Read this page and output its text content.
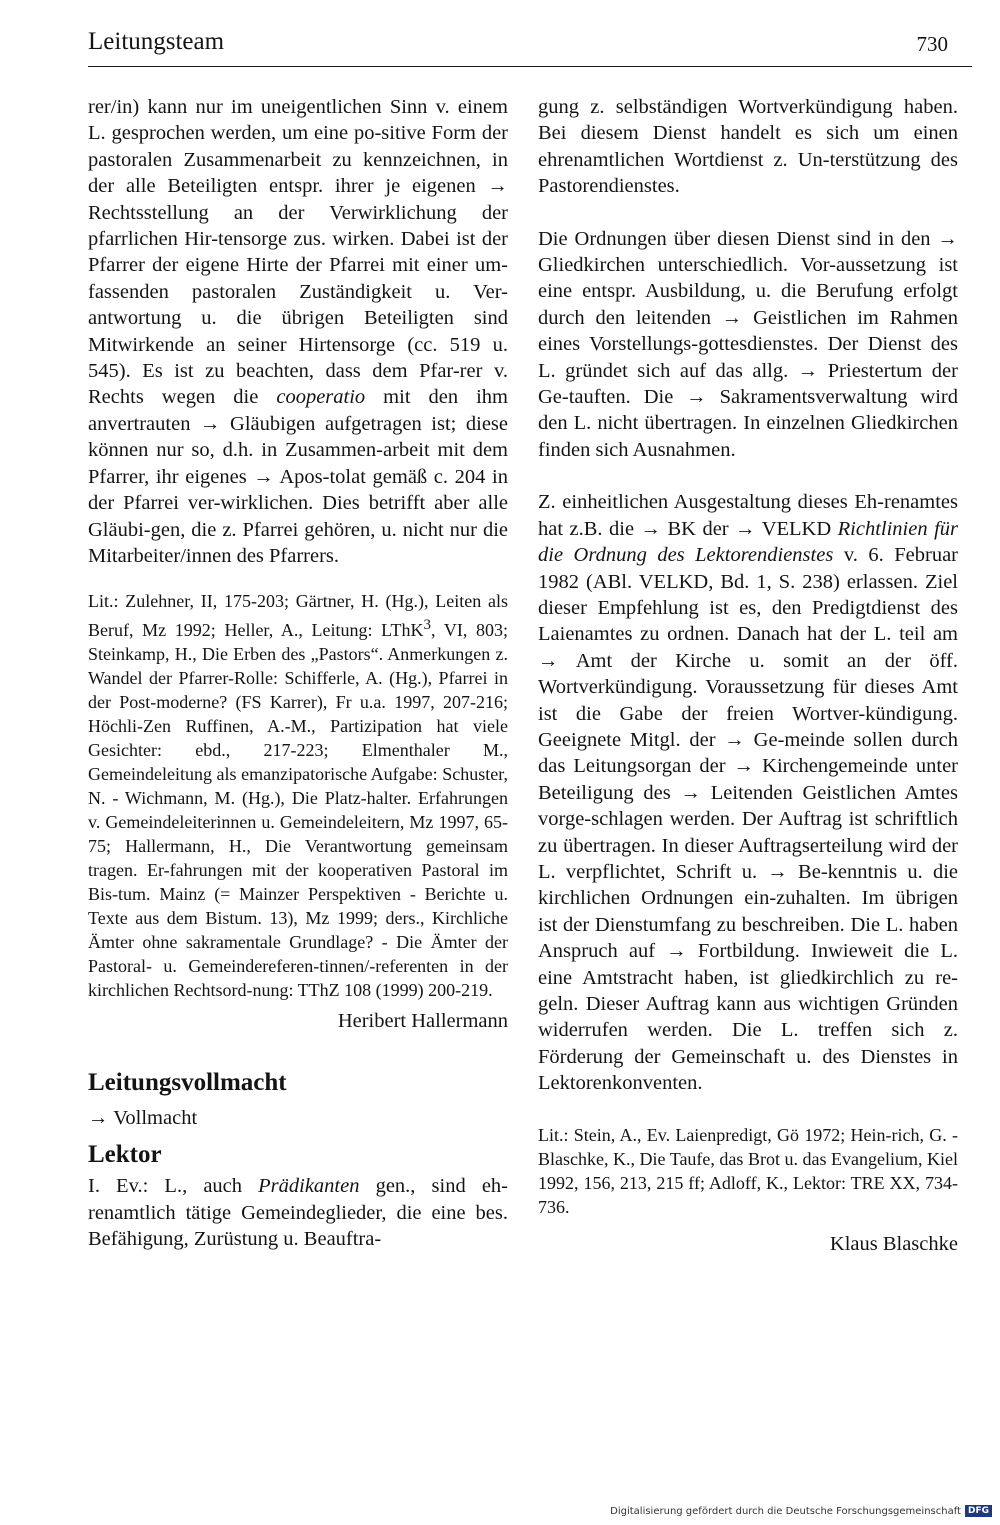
Leitungsteam	730

rer/in) kann nur im uneigentlichen Sinn v. einem L. gesprochen werden, um eine po-sitive Form der pastoralen Zusammenarbeit zu kennzeichnen, in der alle Beteiligten entspr. ihrer je eigenen → Rechtsstellung an der Verwirklichung der pfarrlichen Hir-tensorge zus. wirken. Dabei ist der Pfarrer der eigene Hirte der Pfarrei mit einer um-fassenden pastoralen Zuständigkeit u. Ver-antwortung u. die übrigen Beteiligten sind Mitwirkende an seiner Hirtensorge (cc. 519 u. 545). Es ist zu beachten, dass dem Pfar-rer v. Rechts wegen die cooperatio mit den ihm anvertrauten → Gläubigen aufgetragen ist; diese können nur so, d.h. in Zusammen-arbeit mit dem Pfarrer, ihr eigenes → Apos-tolat gemäß c. 204 in der Pfarrei ver-wirklichen. Dies betrifft aber alle Gläubi-gen, die z. Pfarrei gehören, u. nicht nur die Mitarbeiter/innen des Pfarrers.

Lit.: Zulehner, II, 175-203; Gärtner, H. (Hg.), Leiten als Beruf, Mz 1992; Heller, A., Leitung: LThK$^3$, VI, 803; Steinkamp, H., Die Erben des „Pastors“. Anmerkungen z. Wandel der Pfarrer-Rolle: Schifferle, A. (Hg.), Pfarrei in der Post-moderne? (FS Karrer), Fr u.a. 1997, 207-216; Höchli-Zen Ruffinen, A.-M., Partizipation hat viele Gesichter: ebd., 217-223; Elmenthaler M., Gemeindeleitung als emanzipatorische Aufgabe: Schuster, N. - Wichmann, M. (Hg.), Die Platz-halter. Erfahrungen v. Gemeindeleiterinnen u. Gemeindeleitern, Mz 1997, 65-75; Hallermann, H., Die Verantwortung gemeinsam tragen. Er-fahrungen mit der kooperativen Pastoral im Bis-tum. Mainz (= Mainzer Perspektiven - Berichte u. Texte aus dem Bistum. 13), Mz 1999; ders., Kirchliche Ämter ohne sakramentale Grundlage? - Die Ämter der Pastoral- u. Gemeindereferen-tinnen/-referenten in der kirchlichen Rechtsord-nung: TThZ 108 (1999) 200-219.

Heribert Hallermann

Leitungsvollmacht

→ Vollmacht

Lektor

I. Ev.: L., auch Prädikanten gen., sind eh-renamtlich tätige Gemeindeglieder, die eine bes. Befähigung, Zurüstung u. Beauftra-

gung z. selbständigen Wortverkündigung haben. Bei diesem Dienst handelt es sich um einen ehrenamtlichen Wortdienst z. Un-terstützung des Pastorendienstes.

Die Ordnungen über diesen Dienst sind in den → Gliedkirchen unterschiedlich. Vor-aussetzung ist eine entspr. Ausbildung, u. die Berufung erfolgt durch den leitenden → Geistlichen im Rahmen eines Vorstellungs-gottesdienstes. Der Dienst des L. gründet sich auf das allg. → Priestertum der Ge-tauften. Die → Sakramentsverwaltung wird den L. nicht übertragen. In einzelnen Gliedkirchen finden sich Ausnahmen.

Z. einheitlichen Ausgestaltung dieses Eh-renamtes hat z.B. die → BK der → VELKD Richtlinien für die Ordnung des Lektorendienstes v. 6. Februar 1982 (ABl. VELKD, Bd. 1, S. 238) erlassen. Ziel dieser Empfehlung ist es, den Predigtdienst des Laienamtes zu ordnen. Danach hat der L. teil am → Amt der Kirche u. somit an der öff. Wortverkündigung. Voraussetzung für dieses Amt ist die Gabe der freien Wortver-kündigung. Geeignete Mitgl. der → Ge-meinde sollen durch das Leitungsorgan der → Kirchengemeinde unter Beteiligung des → Leitenden Geistlichen Amtes vorge-schlagen werden. Der Auftrag ist schriftlich zu übertragen. In dieser Auftragserteilung wird der L. verpflichtet, Schrift u. → Be-kenntnis u. die kirchlichen Ordnungen ein-zuhalten. Im übrigen ist der Dienstumfang zu beschreiben. Die L. haben Anspruch auf → Fortbildung. Inwieweit die L. eine Amtstracht haben, ist gliedkirchlich zu re-geln. Dieser Auftrag kann aus wichtigen Gründen widerrufen werden. Die L. treffen sich z. Förderung der Gemeinschaft u. des Dienstes in Lektorenkonventen.

Lit.: Stein, A., Ev. Laienpredigt, Gö 1972; Hein-rich, G. - Blaschke, K., Die Taufe, das Brot u. das Evangelium, Kiel 1992, 156, 213, 215 ff; Adloff, K., Lektor: TRE XX, 734-736.

Klaus Blaschke

Digitalisierung gefördert durch die Deutsche Forschungsgemeinschaft DFG
